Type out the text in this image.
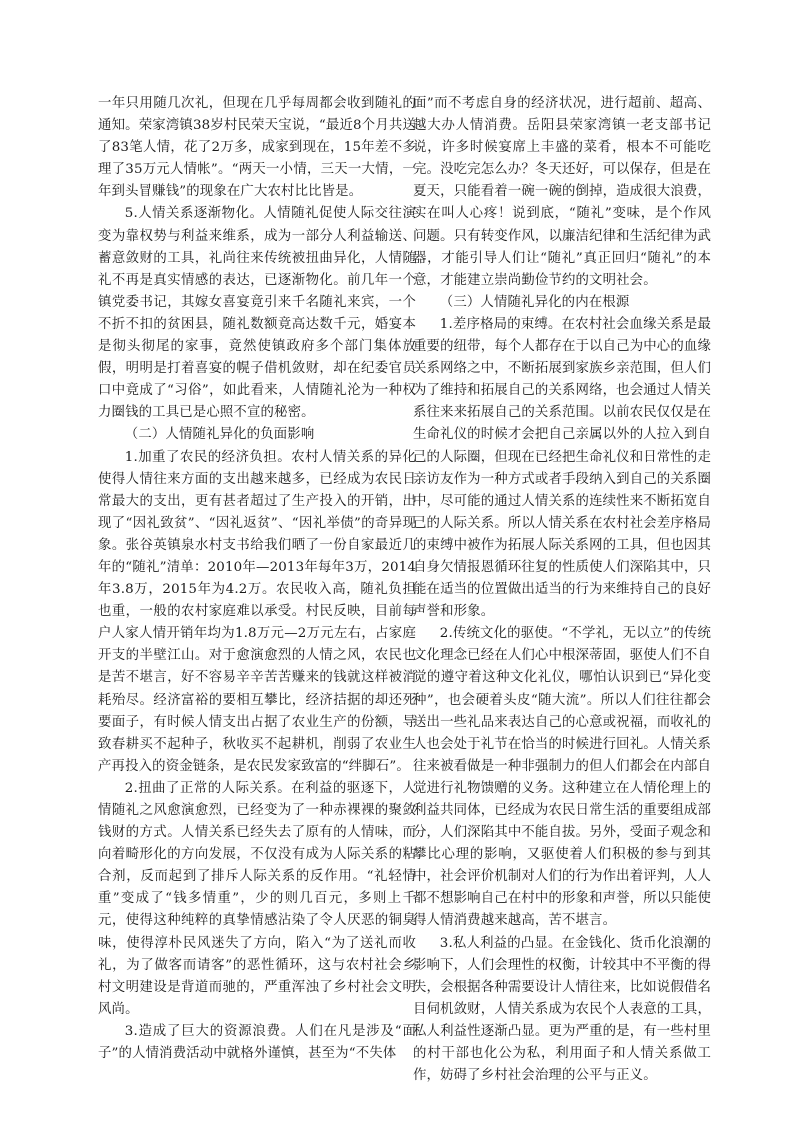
一年只用随几次礼，但现在几乎每周都会收到随礼的通知。荣家湾镇38岁村民荣天宝说，“最近8个月共送了83笔人情，花了2万多，成家到现在，15年差不多理了35万元人情帐”。“两天一小情，三天一大情，一年到头冒赚钱”的现象在广大农村比比皆是。

5.人情关系逐渐物化。人情随礼促使人际交往演变为靠权势与利益来维系，成为一部分人利益输送、蓄意敛财的工具，礼尚往来传统被扭曲异化，人情随礼不再是真实情感的表达，已逐渐物化。前几年一个镇党委书记，其嫁女喜宴竟引来千名随礼来宾，一个不折不扣的贫困县，随礼数额竟高达数千元，婚宴本是彻头彻尾的家事，竟然使镇政府多个部门集体放假，明明是打着喜宴的幌子借机敛财，却在纪委官员口中竟成了“习俗”，如此看来，人情随礼沦为一种权力圈钱的工具已是心照不宣的秘密。

（二）人情随礼异化的负面影响

1.加重了农民的经济负担。农村人情关系的异化使得人情往来方面的支出越来越多，已经成为农民日常最大的支出，更有甚者超过了生产投入的开销，出现了“因礼致贫”、“因礼返贫”、“因礼举债”的奇异现象。张谷英镇泉水村支书给我们晒了一份自家最近几年的“随礼”清单：2010年—2013年每年3万，2014年3.8万，2015年为4.2万。农民收入高，随礼负担也重，一般的农村家庭难以承受。村民反映，目前每户人家人情开销年均为1.8万元—2万元左右，占家庭开支的半壁江山。对于愈演愈烈的人情之风，农民也是苦不堪言，好不容易辛辛苦苦赚来的钱就这样被消耗殆尽。经济富裕的要相互攀比，经济拮据的却还死要面子，有时候人情支出占据了农业生产的份额，导致春耕买不起种子，秋收买不起耕机，削弱了农业生产再投入的资金链条，是农民发家致富的“绊脚石”。

2.扭曲了正常的人际关系。在利益的驱逐下，人情随礼之风愈演愈烈，已经变为了一种赤裸裸的聚敛钱财的方式。人情关系已经失去了原有的人情味，而向着畸形化的方向发展，不仅没有成为人际关系的粘合剂，反而起到了排斥人际关系的反作用。“礼轻情重”变成了“钱多情重”，少的则几百元，多则上千元，使得这种纯粹的真挚情感沾染了令人厌恶的铜臭味，使得淳朴民风迷失了方向，陷入“为了送礼而收礼，为了做客而请客”的恶性循环，这与农村社会乡村文明建设是背道而驰的，严重浑浊了乡村社会文明风尚。

3.造成了巨大的资源浪费。人们在凡是涉及“面子”的人情消费活动中就格外谨慎，甚至为“不失体

面”而不考虑自身的经济状况，进行超前、超高、越大办人情消费。岳阳县荣家湾镇一老支部书记说，许多时候宴席上丰盛的菜肴，根本不可能吃完。没吃完怎么办？冬天还好，可以保存，但是在夏天，只能看着一碗一碗的倒掉，造成很大浪费，实在叫人心疼！说到底，“随礼”变味，是个作风问题。只有转变作风，以廉洁纪律和生活纪律为武器，才能引导人们让“随礼”真正回归“随礼”的本意，才能建立崇尚勤俭节约的文明社会。

（三）人情随礼异化的内在根源

1.差序格局的束缚。在农村社会血缘关系是最重要的纽带，每个人都存在于以自己为中心的血缘关系网络之中，不断拓展到家族乡亲范围，但人们为了维持和拓展自己的关系网络，也会通过人情关系往来来拓展自己的关系范围。以前农民仅仅是在生命礼仪的时候才会把自己亲属以外的人拉入到自己的人际圈，但现在已经把生命礼仪和日常性的走亲访友作为一种方式或者手段纳入到自己的关系圈中，尽可能的通过人情关系的连续性来不断拓宽自己的人际关系。所以人情关系在农村社会差序格局的束缚中被作为拓展人际关系网的工具，但也因其自身欠情报恩循环往复的性质使人们深陷其中，只能在适当的位置做出适当的行为来维持自己的良好声誉和形象。

2.传统文化的驱使。“不学礼，无以立”的传统文化理念已经在人们心中根深蒂固，驱使人们不自觉的遵守着这种文化礼仪，哪怕认识到已“异化变种”，也会硬着头皮“随大流”。所以人们往往都会送出一些礼品来表达自己的心意或祝福，而收礼的人也会处于礼节在恰当的时候进行回礼。人情关系往来被看做是一种非强制力的但人们都会在内部自觉进行礼物馈赠的义务。这种建立在人情伦理上的利益共同体，已经成为农民日常生活的重要组成部分，人们深陷其中不能自拔。另外，受面子观念和攀比心理的影响，又驱使着人们积极的参与到其中，社会评价机制对人们的行为作出着评判，人人都不想影响自己在村中的形象和声誉，所以只能使得人情消费越来越高，苦不堪言。

3.私人利益的凸显。在金钱化、货币化浪潮的影响下，人们会理性的权衡，计较其中不平衡的得失，会根据各种需要设计人情往来，比如说假借名目伺机敛财，人情关系成为农民个人表意的工具，私人利益性逐渐凸显。更为严重的是，有一些村里的村干部也化公为私，利用面子和人情关系做工作，妨碍了乡村社会治理的公平与正义。
